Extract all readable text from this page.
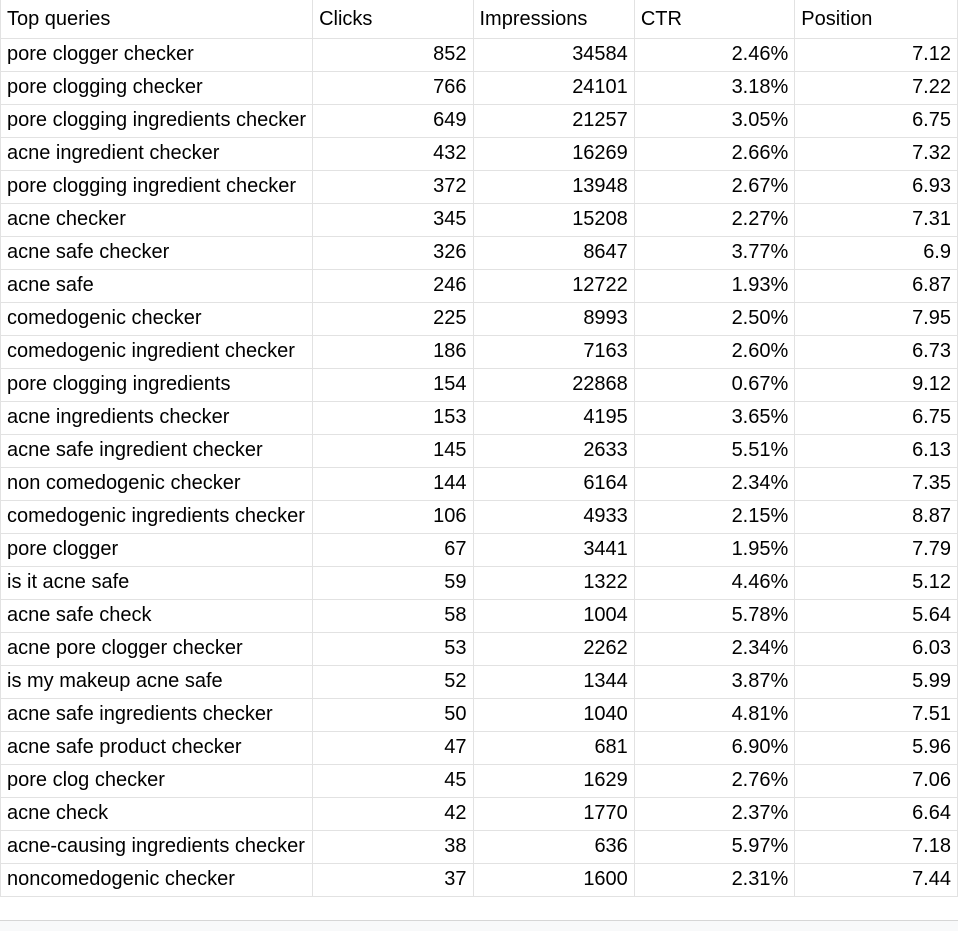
Top queries	Clicks	Impressions	CTR	Position
pore clogger checker	852	34584	2.46%	7.12
pore clogging checker	766	24101	3.18%	7.22
pore clogging ingredients checker	649	21257	3.05%	6.75
acne ingredient checker	432	16269	2.66%	7.32
pore clogging ingredient checker	372	13948	2.67%	6.93
acne checker	345	15208	2.27%	7.31
acne safe checker	326	8647	3.77%	6.9
acne safe	246	12722	1.93%	6.87
comedogenic checker	225	8993	2.50%	7.95
comedogenic ingredient checker	186	7163	2.60%	6.73
pore clogging ingredients	154	22868	0.67%	9.12
acne ingredients checker	153	4195	3.65%	6.75
acne safe ingredient checker	145	2633	5.51%	6.13
non comedogenic checker	144	6164	2.34%	7.35
comedogenic ingredients checker	106	4933	2.15%	8.87
pore clogger	67	3441	1.95%	7.79
is it acne safe	59	1322	4.46%	5.12
acne safe check	58	1004	5.78%	5.64
acne pore clogger checker	53	2262	2.34%	6.03
is my makeup acne safe	52	1344	3.87%	5.99
acne safe ingredients checker	50	1040	4.81%	7.51
acne safe product checker	47	681	6.90%	5.96
pore clog checker	45	1629	2.76%	7.06
acne check	42	1770	2.37%	6.64
acne-causing ingredients checker	38	636	5.97%	7.18
noncomedogenic checker	37	1600	2.31%	7.44
